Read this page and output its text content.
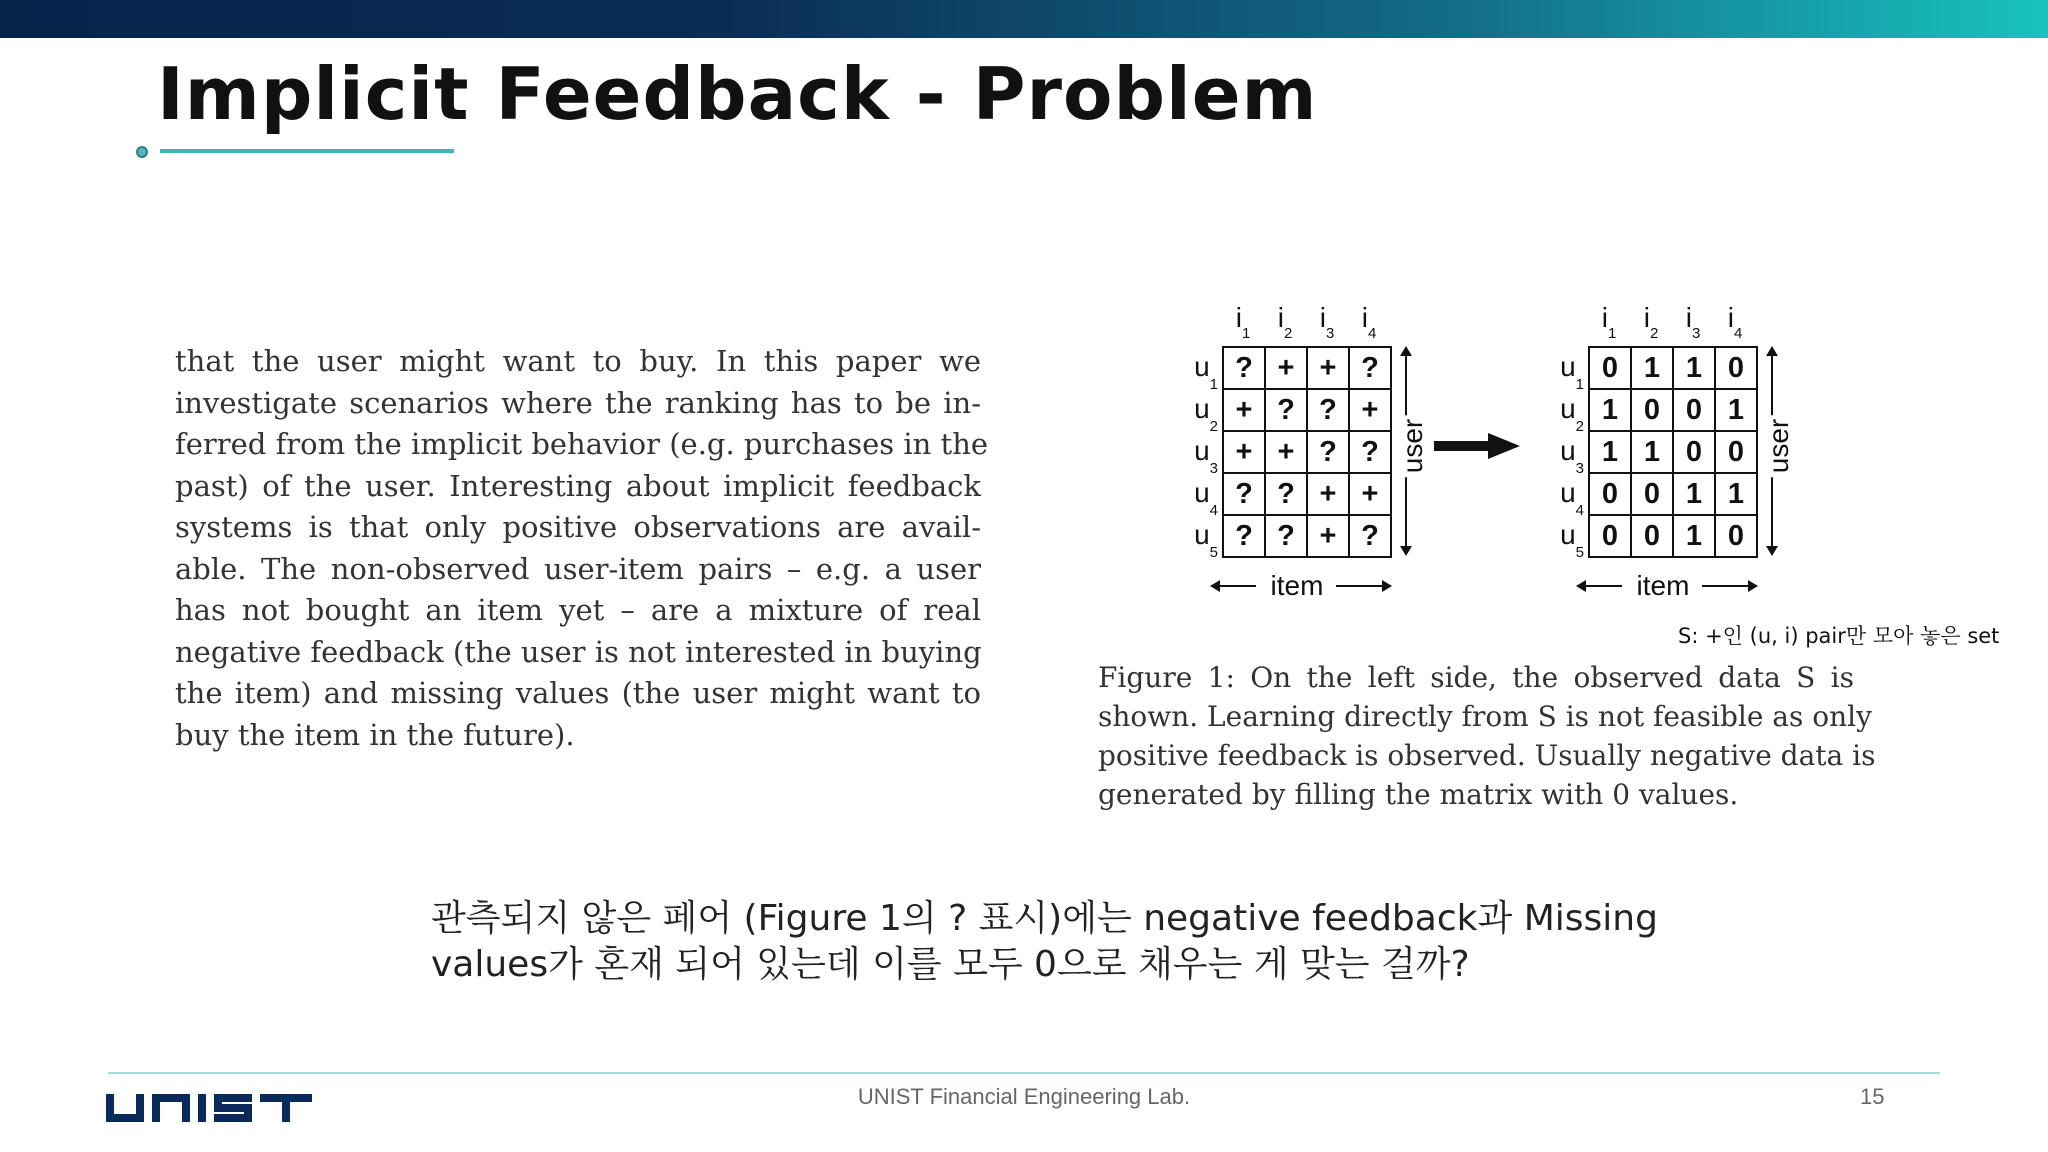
Implicit Feedback - Problem
that the user might want to buy. In this paper we
investigate scenarios where the ranking has to be in-
ferred from the implicit behavior (e.g. purchases in the
past) of the user. Interesting about implicit feedback
systems is that only positive observations are avail-
able. The non-observed user-item pairs – e.g. a user
has not bought an item yet – are a mixture of real
negative feedback (the user is not interested in buying
the item) and missing values (the user might want to
buy the item in the future).
$i_1$
$i_2$
$i_3$
$i_4$
$u_1$
$u_2$
$u_3$
$u_4$
$u_5$
? + + ?
+ ? ? +
+ + ? ?
? ? + +
? ? + ?
user
item
$i_1$
$i_2$
$i_3$
$i_4$
$u_1$
$u_2$
$u_3$
$u_4$
$u_5$
0 1 1 0
1 0 0 1
1 1 0 0
0 0 1 1
0 0 1 0
user
item
S: +인 (u, i) pair만 모아 놓은 set
Figure 1: On the left side, the observed data S is
shown. Learning directly from S is not feasible as only
positive feedback is observed. Usually negative data is
generated by filling the matrix with 0 values.
관측되지 않은 페어 (Figure 1의 ? 표시)에는 negative feedback과 Missing
values가 혼재 되어 있는데 이를 모두 0으로 채우는 게 맞는 걸까?
UNIST Financial Engineering Lab.	15
